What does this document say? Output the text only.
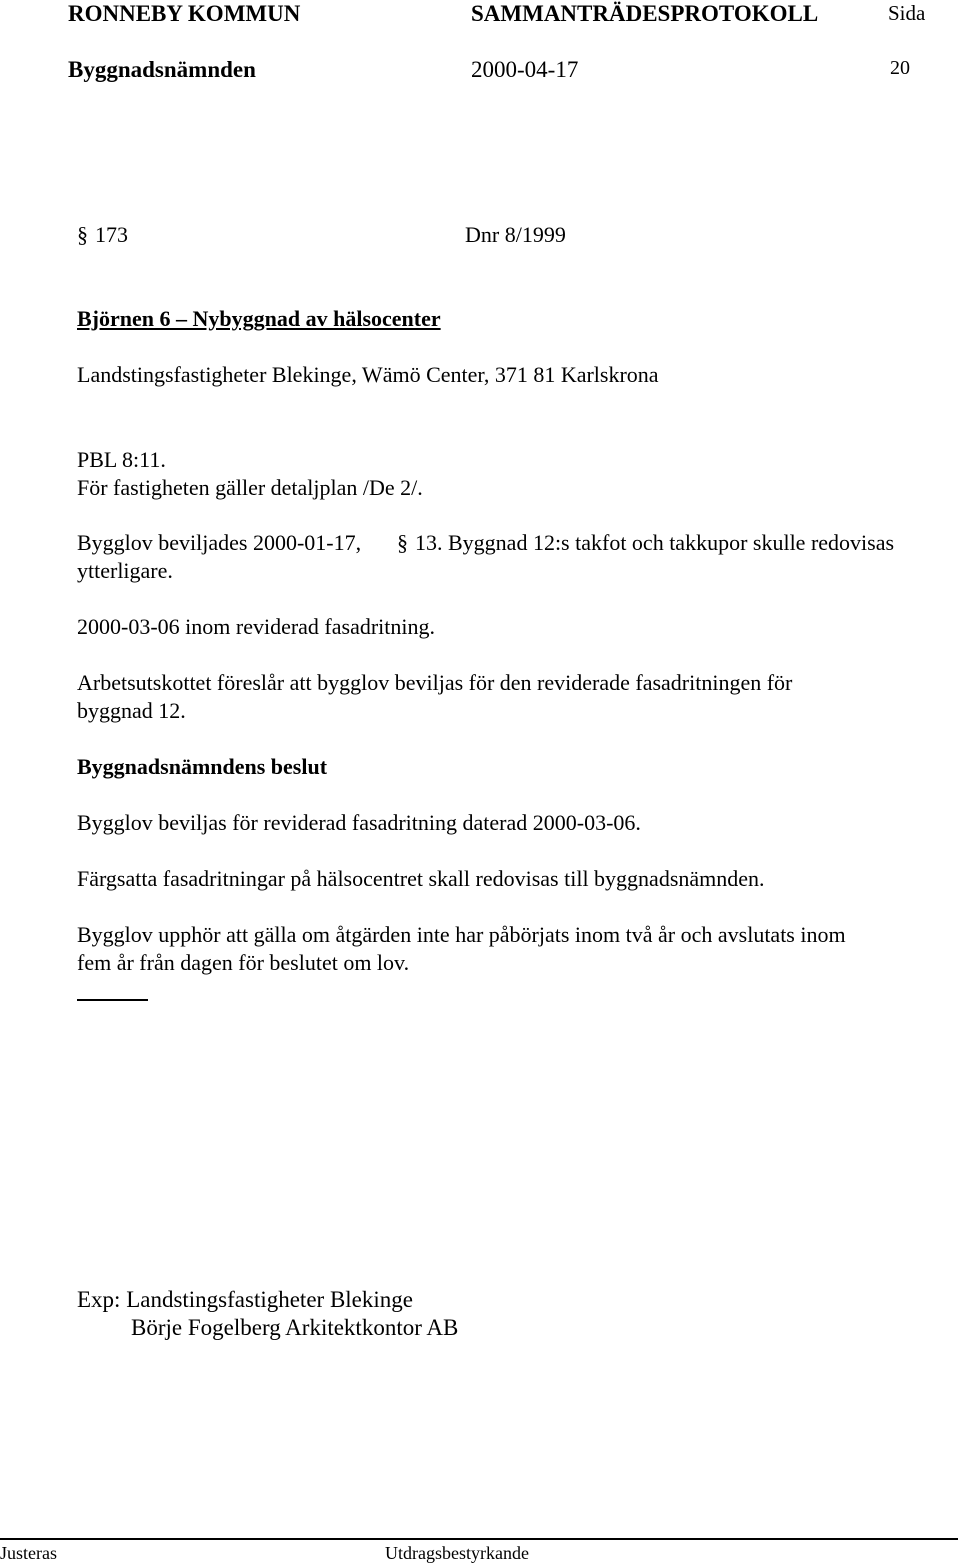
RONNEBY KOMMUN	SAMMANTRÄDESPROTOKOLL	Sida
Byggnadsnämnden	2000-04-17	20
§ 173	Dnr 8/1999
Björnen 6 – Nybyggnad av hälsocenter
Landstingsfastigheter Blekinge, Wämö Center, 371 81 Karlskrona
PBL 8:11.
För fastigheten gäller detaljplan /De 2/.
Bygglov beviljades 2000-01-17, § 13. Byggnad 12:s takfot och takkupor skulle redovisas
ytterligare.
2000-03-06 inom reviderad fasadritning.
Arbetsutskottet föreslår att bygglov beviljas för den reviderade fasadritningen för
byggnad 12.
Byggnadsnämndens beslut
Bygglov beviljas för reviderad fasadritning daterad 2000-03-06.
Färgsatta fasadritningar på hälsocentret skall redovisas till byggnadsnämnden.
Bygglov upphör att gälla om åtgärden inte har påbörjats inom två år och avslutats inom
fem år från dagen för beslutet om lov.
Exp: Landstingsfastigheter Blekinge
Börje Fogelberg Arkitektkontor AB
Justeras	Utdragsbestyrkande
